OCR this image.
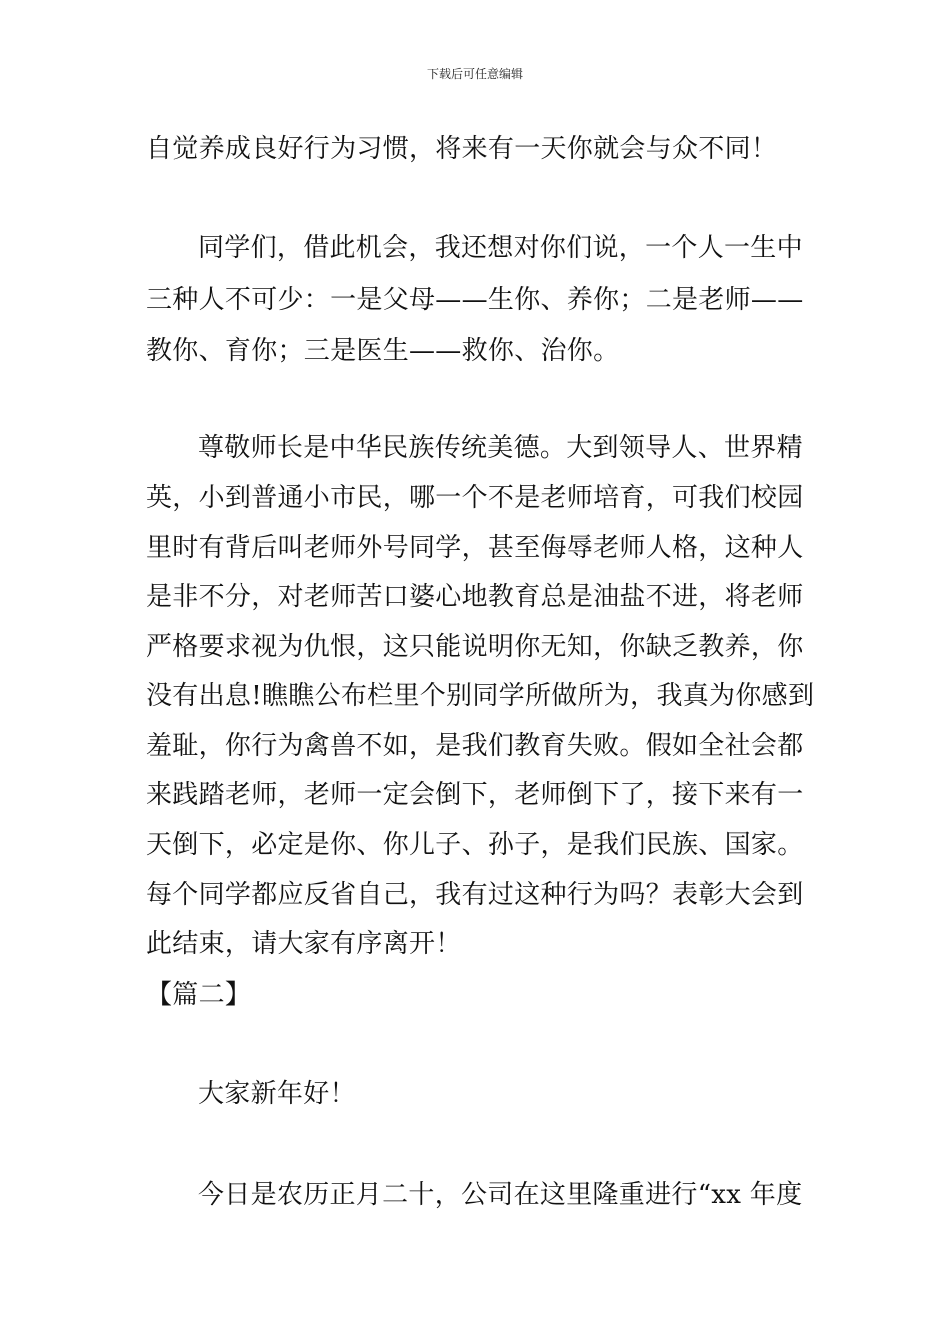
下载后可任意编辑
自觉养成良好行为习惯，将来有一天你就会与众不同！
同学们，借此机会，我还想对你们说，一个人一生中
三种人不可少：一是父母——生你、养你；二是老师——
教你、育你；三是医生——救你、治你。
尊敬师长是中华民族传统美德。大到领导人、世界精
英，小到普通小市民，哪一个不是老师培育，可我们校园
里时有背后叫老师外号同学，甚至侮辱老师人格，这种人
是非不分，对老师苦口婆心地教育总是油盐不进，将老师
严格要求视为仇恨，这只能说明你无知，你缺乏教养，你
没有出息!瞧瞧公布栏里个别同学所做所为，我真为你感到
羞耻，你行为禽兽不如，是我们教育失败。假如全社会都
来践踏老师，老师一定会倒下，老师倒下了，接下来有一
天倒下，必定是你、你儿子、孙子，是我们民族、国家。
每个同学都应反省自己，我有过这种行为吗？表彰大会到
此结束，请大家有序离开！
【篇二】
大家新年好！
今日是农历正月二十，公司在这里隆重进行“xx 年度
